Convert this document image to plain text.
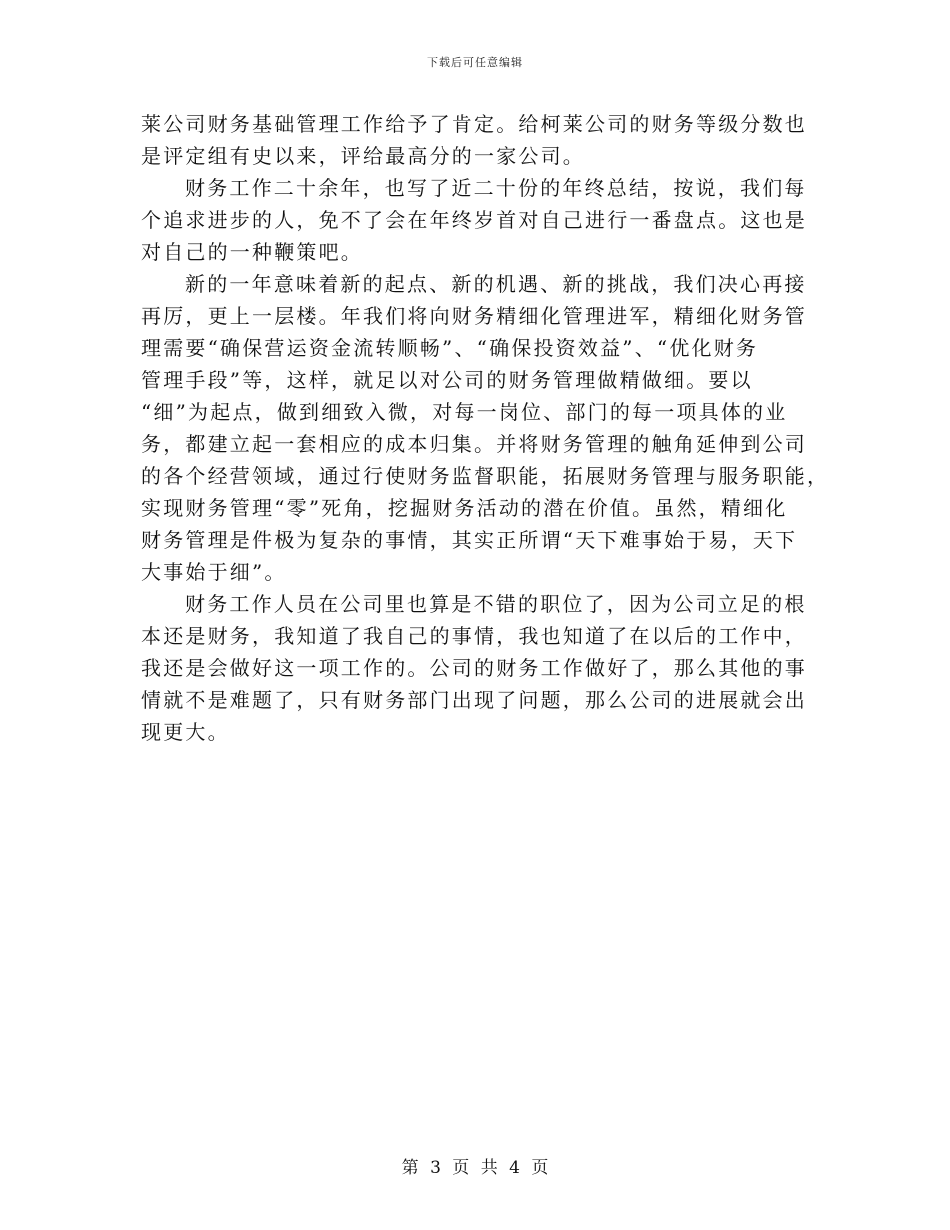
下载后可任意编辑
莱公司财务基础管理工作给予了肯定。给柯莱公司的财务等级分数也
是评定组有史以来，评给最高分的一家公司。
财务工作二十余年，也写了近二十份的年终总结，按说，我们每
个追求进步的人，免不了会在年终岁首对自己进行一番盘点。这也是
对自己的一种鞭策吧。
新的一年意味着新的起点、新的机遇、新的挑战，我们决心再接
再厉，更上一层楼。年我们将向财务精细化管理进军，精细化财务管
理需要“确保营运资金流转顺畅”、“确保投资效益”、“优化财务
管理手段”等，这样，就足以对公司的财务管理做精做细。要以
“细”为起点，做到细致入微，对每一岗位、部门的每一项具体的业
务，都建立起一套相应的成本归集。并将财务管理的触角延伸到公司
的各个经营领域，通过行使财务监督职能，拓展财务管理与服务职能，
实现财务管理“零”死角，挖掘财务活动的潜在价值。虽然，精细化
财务管理是件极为复杂的事情，其实正所谓“天下难事始于易，天下
大事始于细”。
财务工作人员在公司里也算是不错的职位了，因为公司立足的根
本还是财务，我知道了我自己的事情，我也知道了在以后的工作中，
我还是会做好这一项工作的。公司的财务工作做好了，那么其他的事
情就不是难题了，只有财务部门出现了问题，那么公司的进展就会出
现更大。
第 3 页 共 4 页
